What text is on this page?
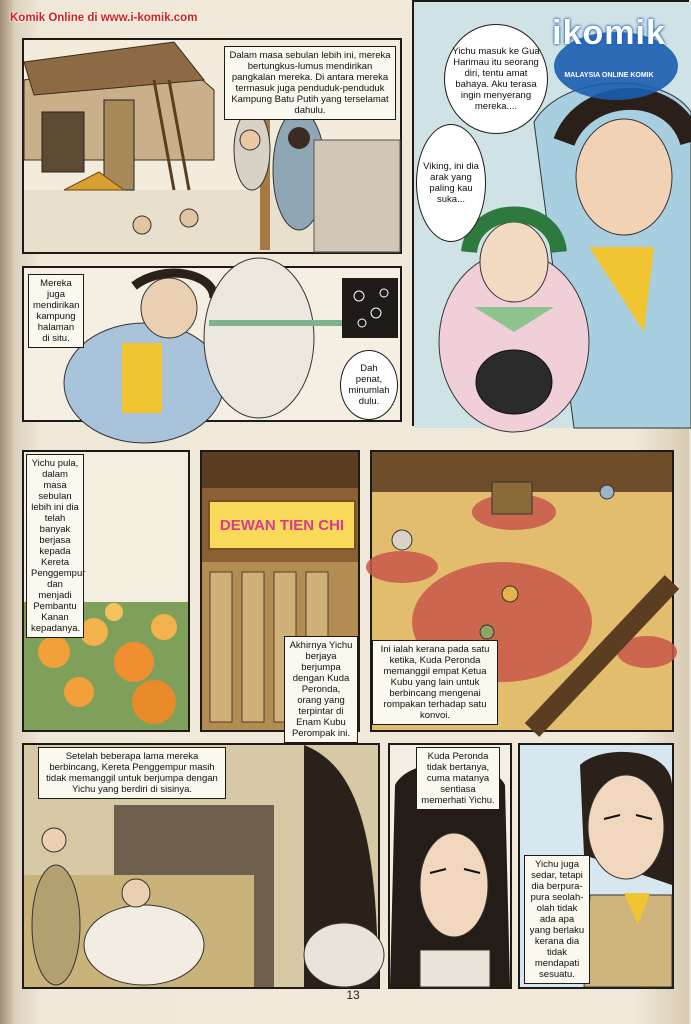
Dalam masa sebulan lebih ini, mereka bertungkus-lumus mendirikan pangkalan mereka. Di antara mereka termasuk juga penduduk-penduduk Kampung Batu Putih yang terselamat dahulu.
Mereka juga mendirikan kampung halaman di situ.
Dah penat, minumlah dulu.
Yichu masuk ke Gua Harimau itu seorang diri, tentu amat bahaya. Aku terasa ingin menyerang mereka....
Viking, ini dia arak yang paling kau suka...
Komik Online di www.i-komik.com	ikomik
MALAYSIA ONLINE KOMIK
Yichu pula, dalam masa sebulan lebih ini dia telah banyak berjasa kepada Kereta Penggempur dan menjadi Pembantu Kanan kepadanya.
DEWAN TIEN CHI
Akhirnya Yichu berjaya berjumpa dengan Kuda Peronda, orang yang terpintar di Enam Kubu Perompak ini.
Ini ialah kerana pada satu ketika, Kuda Peronda memanggil empat Ketua Kubu yang lain untuk berbincang mengenai rompakan terhadap satu konvoi.
Setelah beberapa lama mereka berbincang, Kereta Penggempur masih tidak memanggil untuk berjumpa dengan Yichu yang berdiri di sisinya.
Kuda Peronda tidak bertanya, cuma matanya sentiasa memerhati Yichu.
Yichu juga sedar, tetapi dia berpura-pura seolah-olah tidak ada apa yang berlaku kerana dia tidak mendapati sesuatu.
13
